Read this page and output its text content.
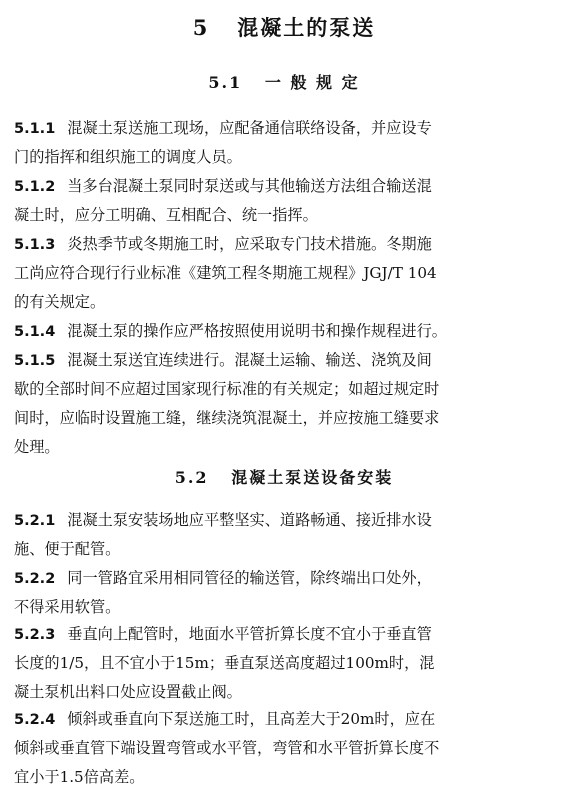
5   混凝土的泵送
5.1   一 般 规 定

5.1.1 混凝土泵送施工现场，应配备通信联络设备，并应设专
门的指挥和组织施工的调度人员。

5.1.2 当多台混凝土泵同时泵送或与其他输送方法组合输送混
凝土时，应分工明确、互相配合、统一指挥。

5.1.3 炎热季节或冬期施工时，应采取专门技术措施。冬期施
工尚应符合现行行业标准《建筑工程冬期施工规程》JGJ/T 104
的有关规定。

5.1.4 混凝土泵的操作应严格按照使用说明书和操作规程进行。

5.1.5 混凝土泵送宜连续进行。混凝土运输、输送、浇筑及间
歇的全部时间不应超过国家现行标准的有关规定；如超过规定时
间时，应临时设置施工缝，继续浇筑混凝土，并应按施工缝要求
处理。

5.2   混凝土泵送设备安装

5.2.1 混凝土泵安装场地应平整坚实、道路畅通、接近排水设
施、便于配管。

5.2.2 同一管路宜采用相同管径的输送管，除终端出口处外，
不得采用软管。

5.2.3 垂直向上配管时，地面水平管折算长度不宜小于垂直管
长度的1/5，且不宜小于15m；垂直泵送高度超过100m时，混
凝土泵机出料口处应设置截止阀。

5.2.4 倾斜或垂直向下泵送施工时，且高差大于20m时，应在
倾斜或垂直管下端设置弯管或水平管，弯管和水平管折算长度不
宜小于1.5倍高差。
